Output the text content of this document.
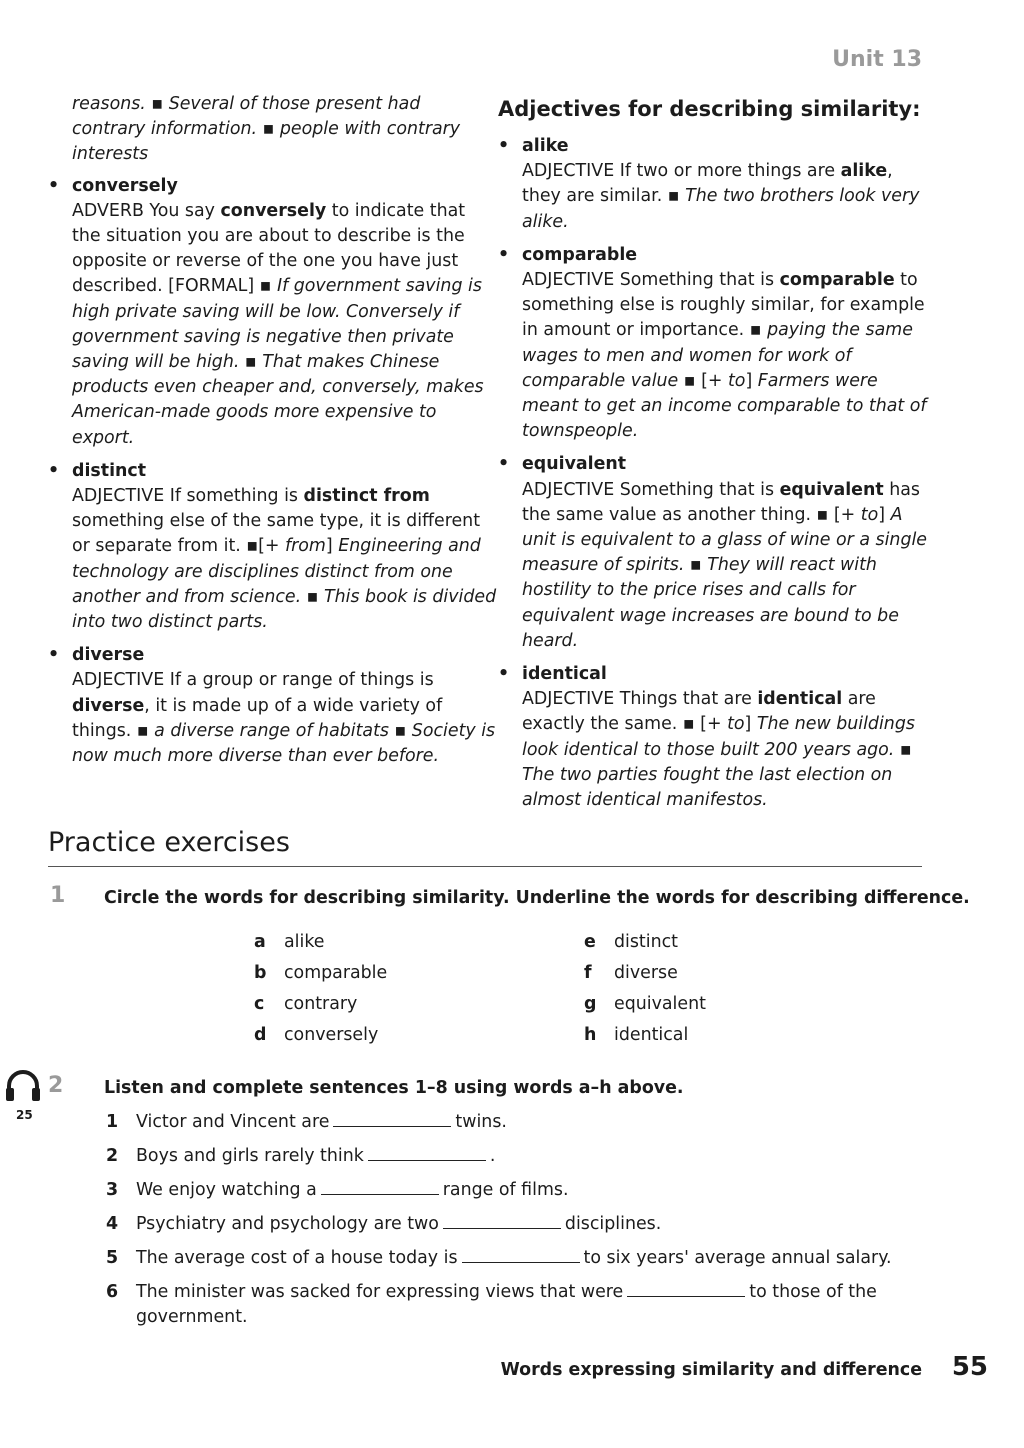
Unit 13
reasons. ▪ Several of those present had contrary information. ▪ people with contrary interests
• conversely
ADVERB You say conversely to indicate that the situation you are about to describe is the opposite or reverse of the one you have just described. [FORMAL] ▪ If government saving is high private saving will be low. Conversely if government saving is negative then private saving will be high. ▪ That makes Chinese products even cheaper and, conversely, makes American-made goods more expensive to export.
• distinct
ADJECTIVE If something is distinct from something else of the same type, it is different or separate from it. ▪[+ from] Engineering and technology are disciplines distinct from one another and from science. ▪ This book is divided into two distinct parts.
• diverse
ADJECTIVE If a group or range of things is diverse, it is made up of a wide variety of things. ▪ a diverse range of habitats ▪ Society is now much more diverse than ever before.
Adjectives for describing similarity:
• alike
ADJECTIVE If two or more things are alike, they are similar. ▪ The two brothers look very alike.
• comparable
ADJECTIVE Something that is comparable to something else is roughly similar, for example in amount or importance. ▪ paying the same wages to men and women for work of comparable value ▪ [+ to] Farmers were meant to get an income comparable to that of townspeople.
• equivalent
ADJECTIVE Something that is equivalent has the same value as another thing. ▪ [+ to] A unit is equivalent to a glass of wine or a single measure of spirits. ▪ They will react with hostility to the price rises and calls for equivalent wage increases are bound to be heard.
• identical
ADJECTIVE Things that are identical are exactly the same. ▪ [+ to] The new buildings look identical to those built 200 years ago. ▪ The two parties fought the last election on almost identical manifestos.
Practice exercises
1 Circle the words for describing similarity. Underline the words for describing difference.
a alike
b comparable
c contrary
d conversely
e distinct
f diverse
g equivalent
h identical
25
2 Listen and complete sentences 1–8 using words a–h above.
1 Victor and Vincent are	twins.
2 Boys and girls rarely think	.
3 We enjoy watching a	range of films.
4 Psychiatry and psychology are two	disciplines.
5 The average cost of a house today is	to six years' average annual salary.
6 The minister was sacked for expressing views that were	to those of the government.
Words expressing similarity and difference 55
